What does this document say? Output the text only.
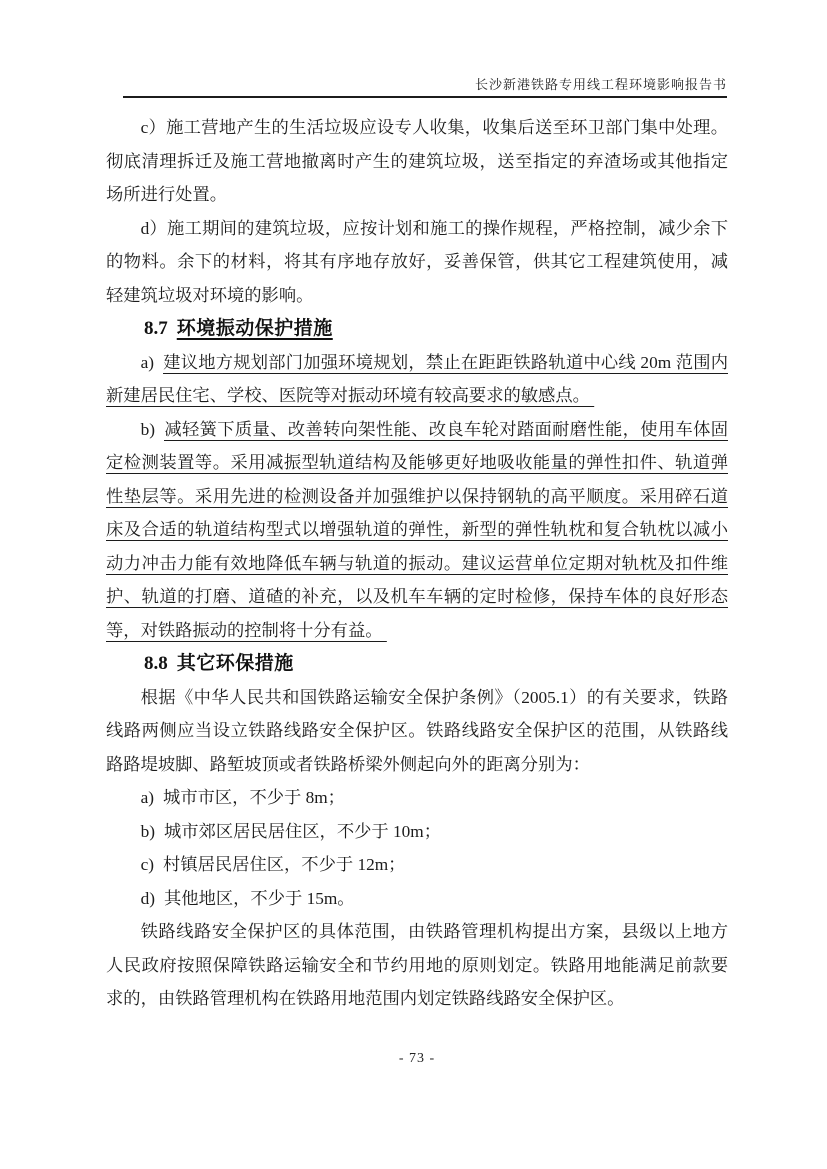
长沙新港铁路专用线工程环境影响报告书

c）施工营地产生的生活垃圾应设专人收集，收集后送至环卫部门集中处理。彻底清理拆迁及施工营地撤离时产生的建筑垃圾，送至指定的弃渣场或其他指定场所进行处置。

d）施工期间的建筑垃圾，应按计划和施工的操作规程，严格控制，减少余下的物料。余下的材料，将其有序地存放好，妥善保管，供其它工程建筑使用，减轻建筑垃圾对环境的影响。

8.7 环境振动保护措施

a) 建议地方规划部门加强环境规划，禁止在距距铁路轨道中心线 20m 范围内新建居民住宅、学校、医院等对振动环境有较高要求的敏感点。

b) 减轻簧下质量、改善转向架性能、改良车轮对踏面耐磨性能，使用车体固定检测装置等。采用减振型轨道结构及能够更好地吸收能量的弹性扣件、轨道弹性垫层等。采用先进的检测设备并加强维护以保持钢轨的高平顺度。采用碎石道床及合适的轨道结构型式以增强轨道的弹性，新型的弹性轨枕和复合轨枕以减小动力冲击力能有效地降低车辆与轨道的振动。建议运营单位定期对轨枕及扣件维护、轨道的打磨、道碴的补充，以及机车车辆的定时检修，保持车体的良好形态等，对铁路振动的控制将十分有益。

8.8 其它环保措施

根据《中华人民共和国铁路运输安全保护条例》（2005.1）的有关要求，铁路线路两侧应当设立铁路线路安全保护区。铁路线路安全保护区的范围，从铁路线路路堤坡脚、路堑坡顶或者铁路桥梁外侧起向外的距离分别为：

a) 城市市区，不少于 8m；

b) 城市郊区居民居住区，不少于 10m；

c) 村镇居民居住区，不少于 12m；

d) 其他地区，不少于 15m。

铁路线路安全保护区的具体范围，由铁路管理机构提出方案，县级以上地方人民政府按照保障铁路运输安全和节约用地的原则划定。铁路用地能满足前款要求的，由铁路管理机构在铁路用地范围内划定铁路线路安全保护区。

- 73 -
